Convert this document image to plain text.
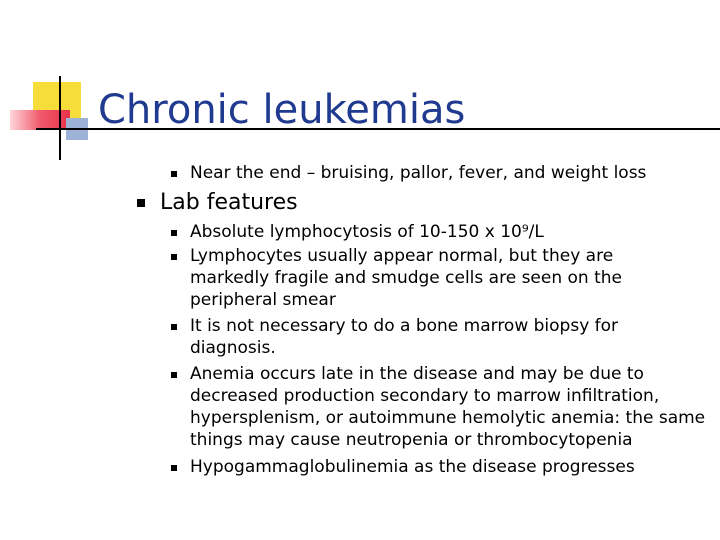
Chronic leukemias
Near the end – bruising, pallor, fever, and weight loss
Lab features
Absolute lymphocytosis of 10-150 x 10⁹/L
Lymphocytes usually appear normal, but they are markedly fragile and smudge cells are seen on the peripheral smear
It is not necessary to do a bone marrow biopsy for diagnosis.
Anemia occurs late in the disease and may be due to decreased production secondary to marrow infiltration, hypersplenism, or autoimmune hemolytic anemia: the same things may cause neutropenia or thrombocytopenia
Hypogammaglobulinemia as the disease progresses
